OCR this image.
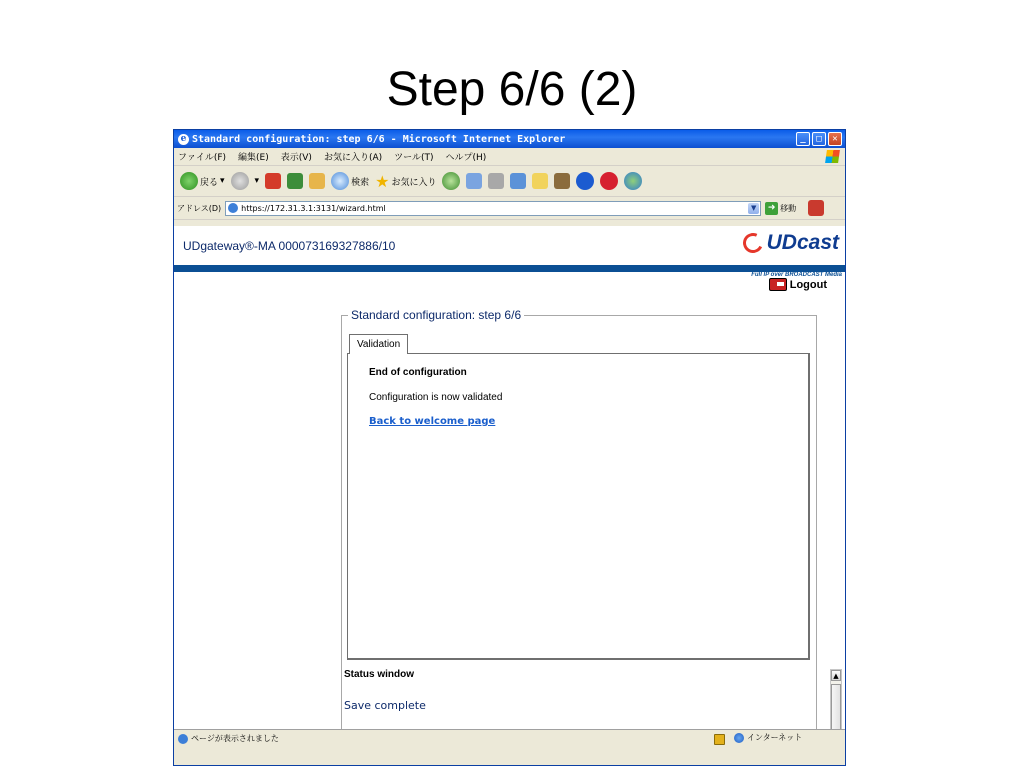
Step 6/6 (2)
e Standard configuration: step 6/6 - Microsoft Internet Explorer	_	□	✕
ファイル(F) 編集(E) 表示(V) お気に入り(A) ツール(T) ヘルプ(H)
戻る ▾	▾	検索 ★ お気に入り
アドレス(D)	https://172.31.3.1:3131/wizard.html	▼	➜ 移動
UDgateway®-MA 000073169327886/10	UDcast
Full IP over BROADCAST Media
Logout
Standard configuration: step 6/6
Validation
End of configuration
Configuration is now validated
Back to welcome page
Status window
Save complete
▲
ページが表示されました	インターネット
